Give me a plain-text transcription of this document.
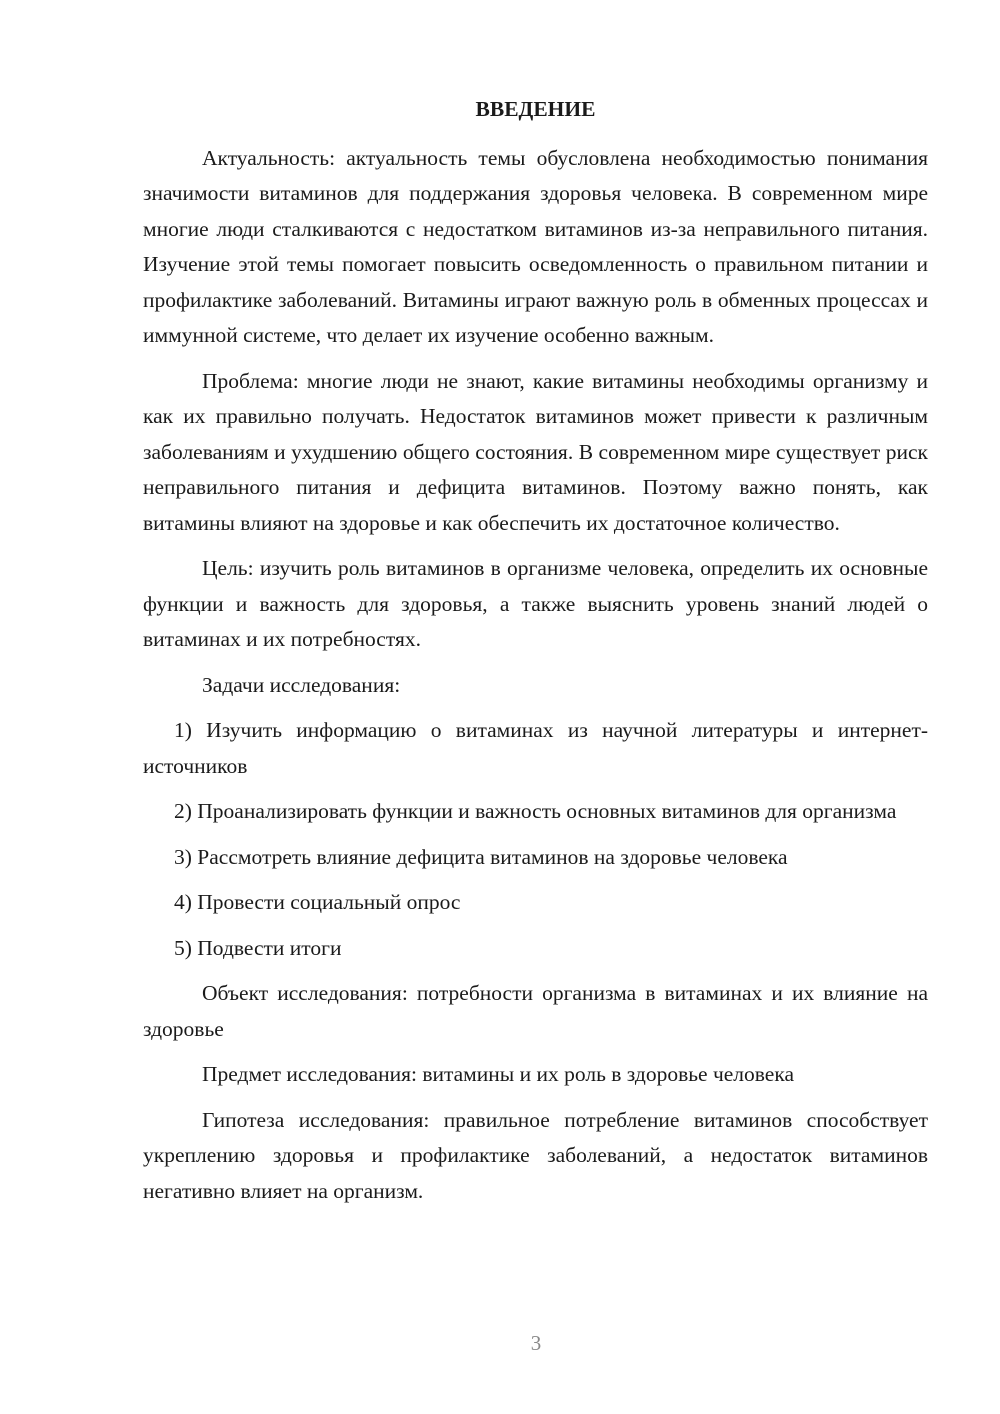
ВВЕДЕНИЕ

Актуальность: актуальность темы обусловлена необходимостью понимания значимости витаминов для поддержания здоровья человека. В современном мире многие люди сталкиваются с недостатком витаминов из-за неправильного питания. Изучение этой темы помогает повысить осведомленность о правильном питании и профилактике заболеваний. Витамины играют важную роль в обменных процессах и иммунной системе, что делает их изучение особенно важным.

Проблема: многие люди не знают, какие витамины необходимы организму и как их правильно получать. Недостаток витаминов может привести к различным заболеваниям и ухудшению общего состояния. В современном мире существует риск неправильного питания и дефицита витаминов. Поэтому важно понять, как витамины влияют на здоровье и как обеспечить их достаточное количество.

Цель: изучить роль витаминов в организме человека, определить их основные функции и важность для здоровья, а также выяснить уровень знаний людей о витаминах и их потребностях.

Задачи исследования:

1) Изучить информацию о витаминах из научной литературы и интернет-источников

2) Проанализировать функции и важность основных витаминов для организма

3) Рассмотреть влияние дефицита витаминов на здоровье человека

4) Провести социальный опрос

5) Подвести итоги

Объект исследования: потребности организма в витаминах и их влияние на здоровье

Предмет исследования: витамины и их роль в здоровье человека

Гипотеза исследования: правильное потребление витаминов способствует укреплению здоровья и профилактике заболеваний, а недостаток витаминов негативно влияет на организм.

3
